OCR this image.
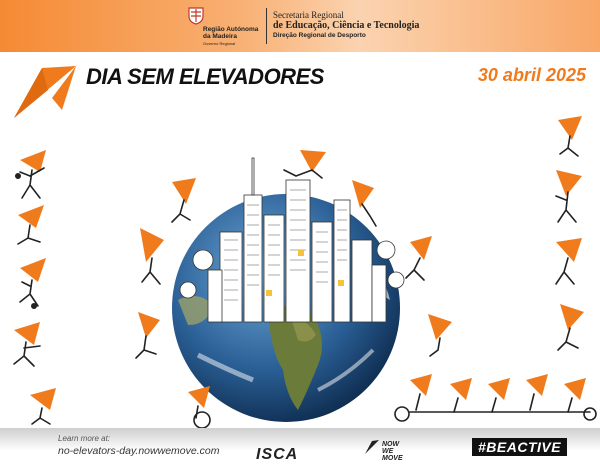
Região Autónoma
da Madeira
Governo Regional
Secretaria Regional
de Educação, Ciência e Tecnologia
Direção Regional de Desporto
DIA SEM ELEVADORES	30 abril 2025
Learn more at:
no-elevators-day.nowwemove.com ISCA
NOW WE MOVE
#BEACTIVE
